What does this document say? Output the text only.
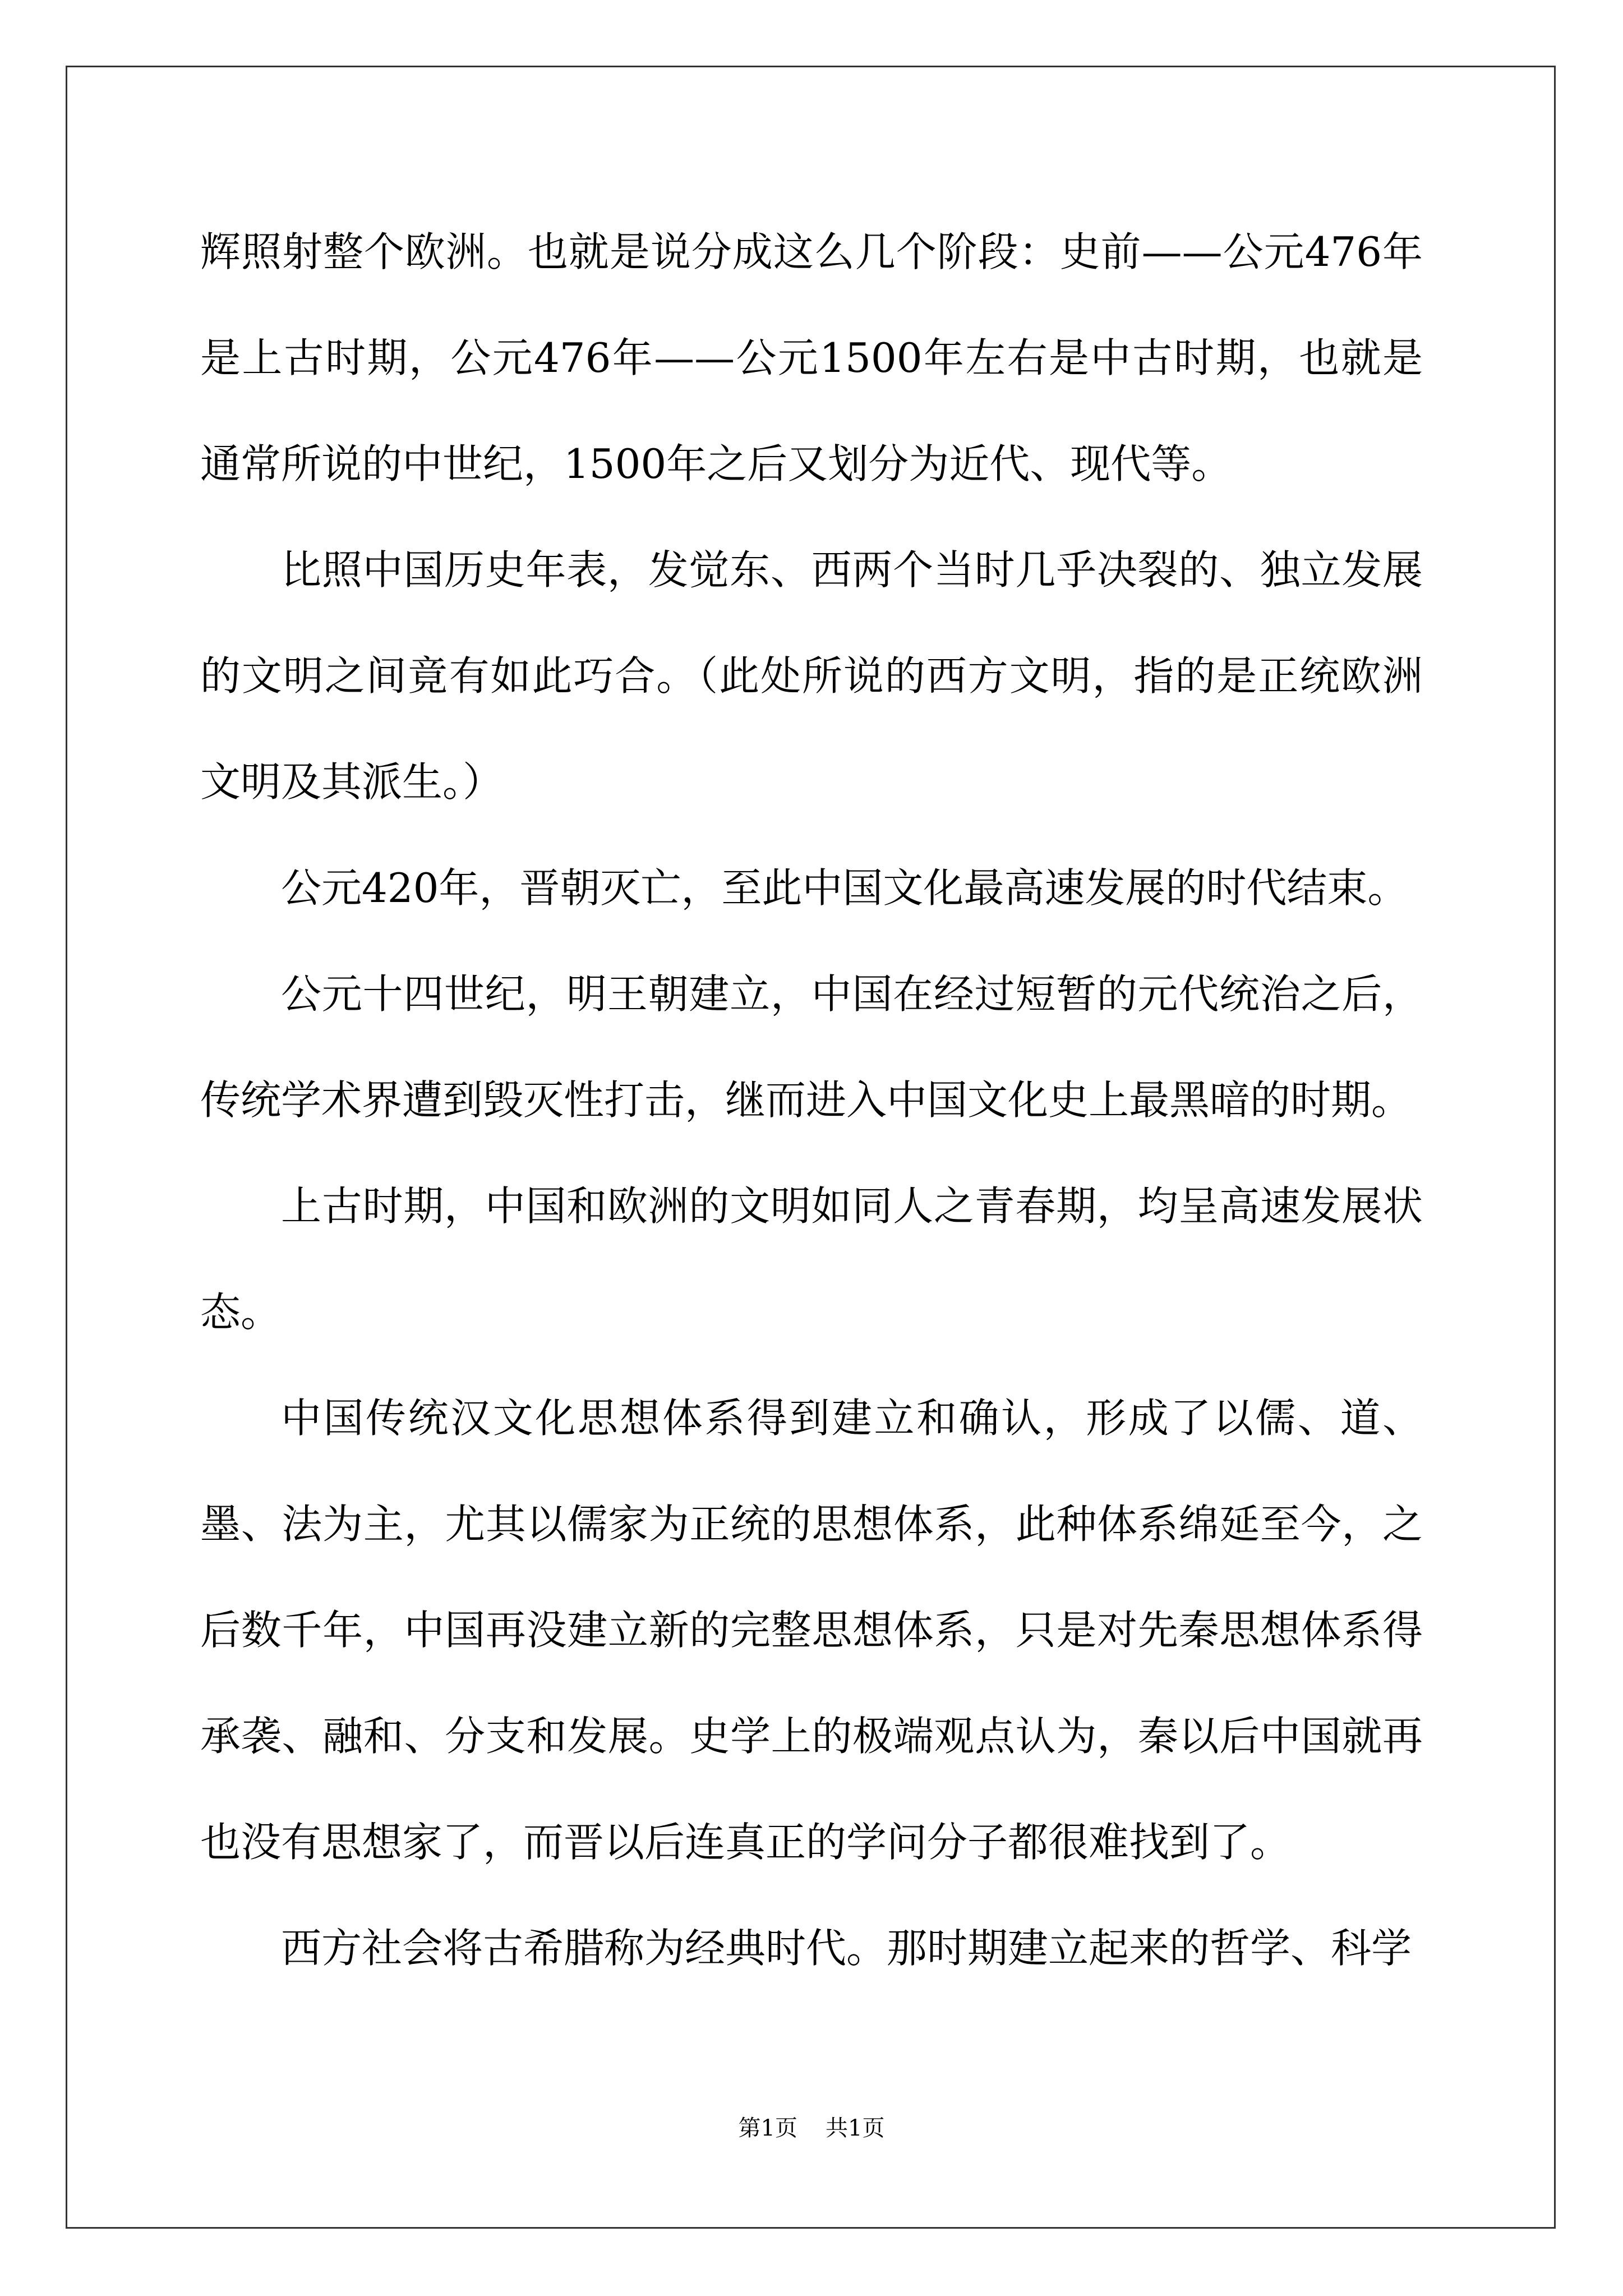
辉照射整个欧洲。也就是说分成这么几个阶段：史前——公元476年是上古时期，公元476年——公元1500年左右是中古时期，也就是通常所说的中世纪，1500年之后又划分为近代、现代等。

比照中国历史年表，发觉东、西两个当时几乎决裂的、独立发展的文明之间竟有如此巧合。（此处所说的西方文明，指的是正统欧洲文明及其派生。）

公元420年，晋朝灭亡，至此中国文化最高速发展的时代结束。

公元十四世纪，明王朝建立，中国在经过短暂的元代统治之后，传统学术界遭到毁灭性打击，继而进入中国文化史上最黑暗的时期。

上古时期，中国和欧洲的文明如同人之青春期，均呈高速发展状态。

中国传统汉文化思想体系得到建立和确认，形成了以儒、道、墨、法为主，尤其以儒家为正统的思想体系，此种体系绵延至今，之后数千年，中国再没建立新的完整思想体系，只是对先秦思想体系得承袭、融和、分支和发展。史学上的极端观点认为，秦以后中国就再也没有思想家了，而晋以后连真正的学问分子都很难找到了。

西方社会将古希腊称为经典时代。那时期建立起来的哲学、科学

第1页 共1页
